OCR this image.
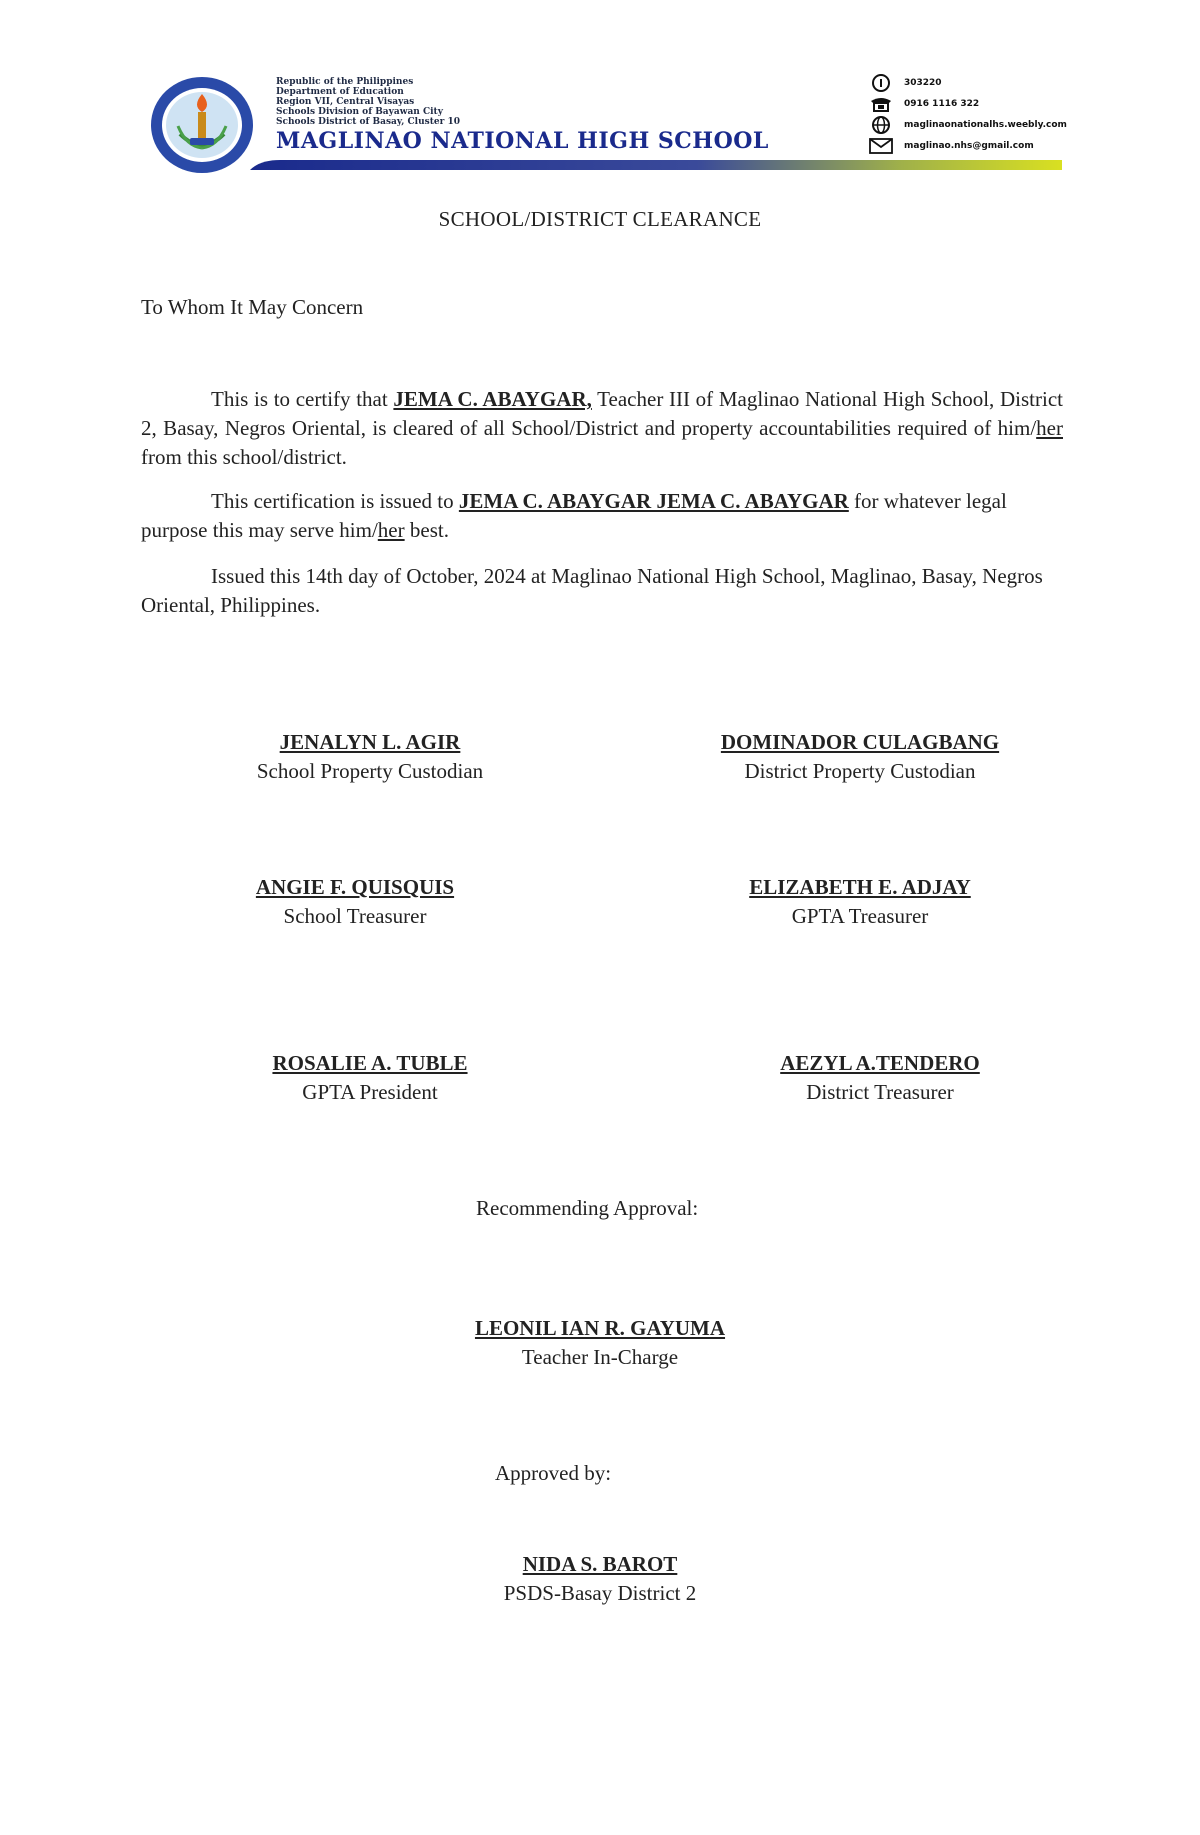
Republic of the Philippines
Department of Education
Region VII, Central Visayas
Schools Division of Bayawan City
Schools District of Basay, Cluster 10
MAGLINAO NATIONAL HIGH SCHOOL
303220
0916 1116 322
maglinaonationalhs.weebly.com
maglinao.nhs@gmail.com
SCHOOL/DISTRICT CLEARANCE
To Whom It May Concern
This is to certify that JEMA C. ABAYGAR, Teacher III of Maglinao National High School, District 2, Basay, Negros Oriental, is cleared of all School/District and property accountabilities required of him/her from this school/district.
This certification is issued to JEMA C. ABAYGAR JEMA C. ABAYGAR for whatever legal purpose this may serve him/her best.
Issued this 14th day of October, 2024 at Maglinao National High School, Maglinao, Basay, Negros Oriental, Philippines.
JENALYN L. AGIR
School Property Custodian
DOMINADOR CULAGBANG
District Property Custodian
ANGIE F. QUISQUIS
School Treasurer
ELIZABETH E. ADJAY
GPTA Treasurer
ROSALIE A. TUBLE
GPTA President
AEZYL A.TENDERO
District Treasurer
Recommending Approval:
LEONIL IAN R. GAYUMA
Teacher In-Charge
Approved by:
NIDA S. BAROT
PSDS-Basay District 2
